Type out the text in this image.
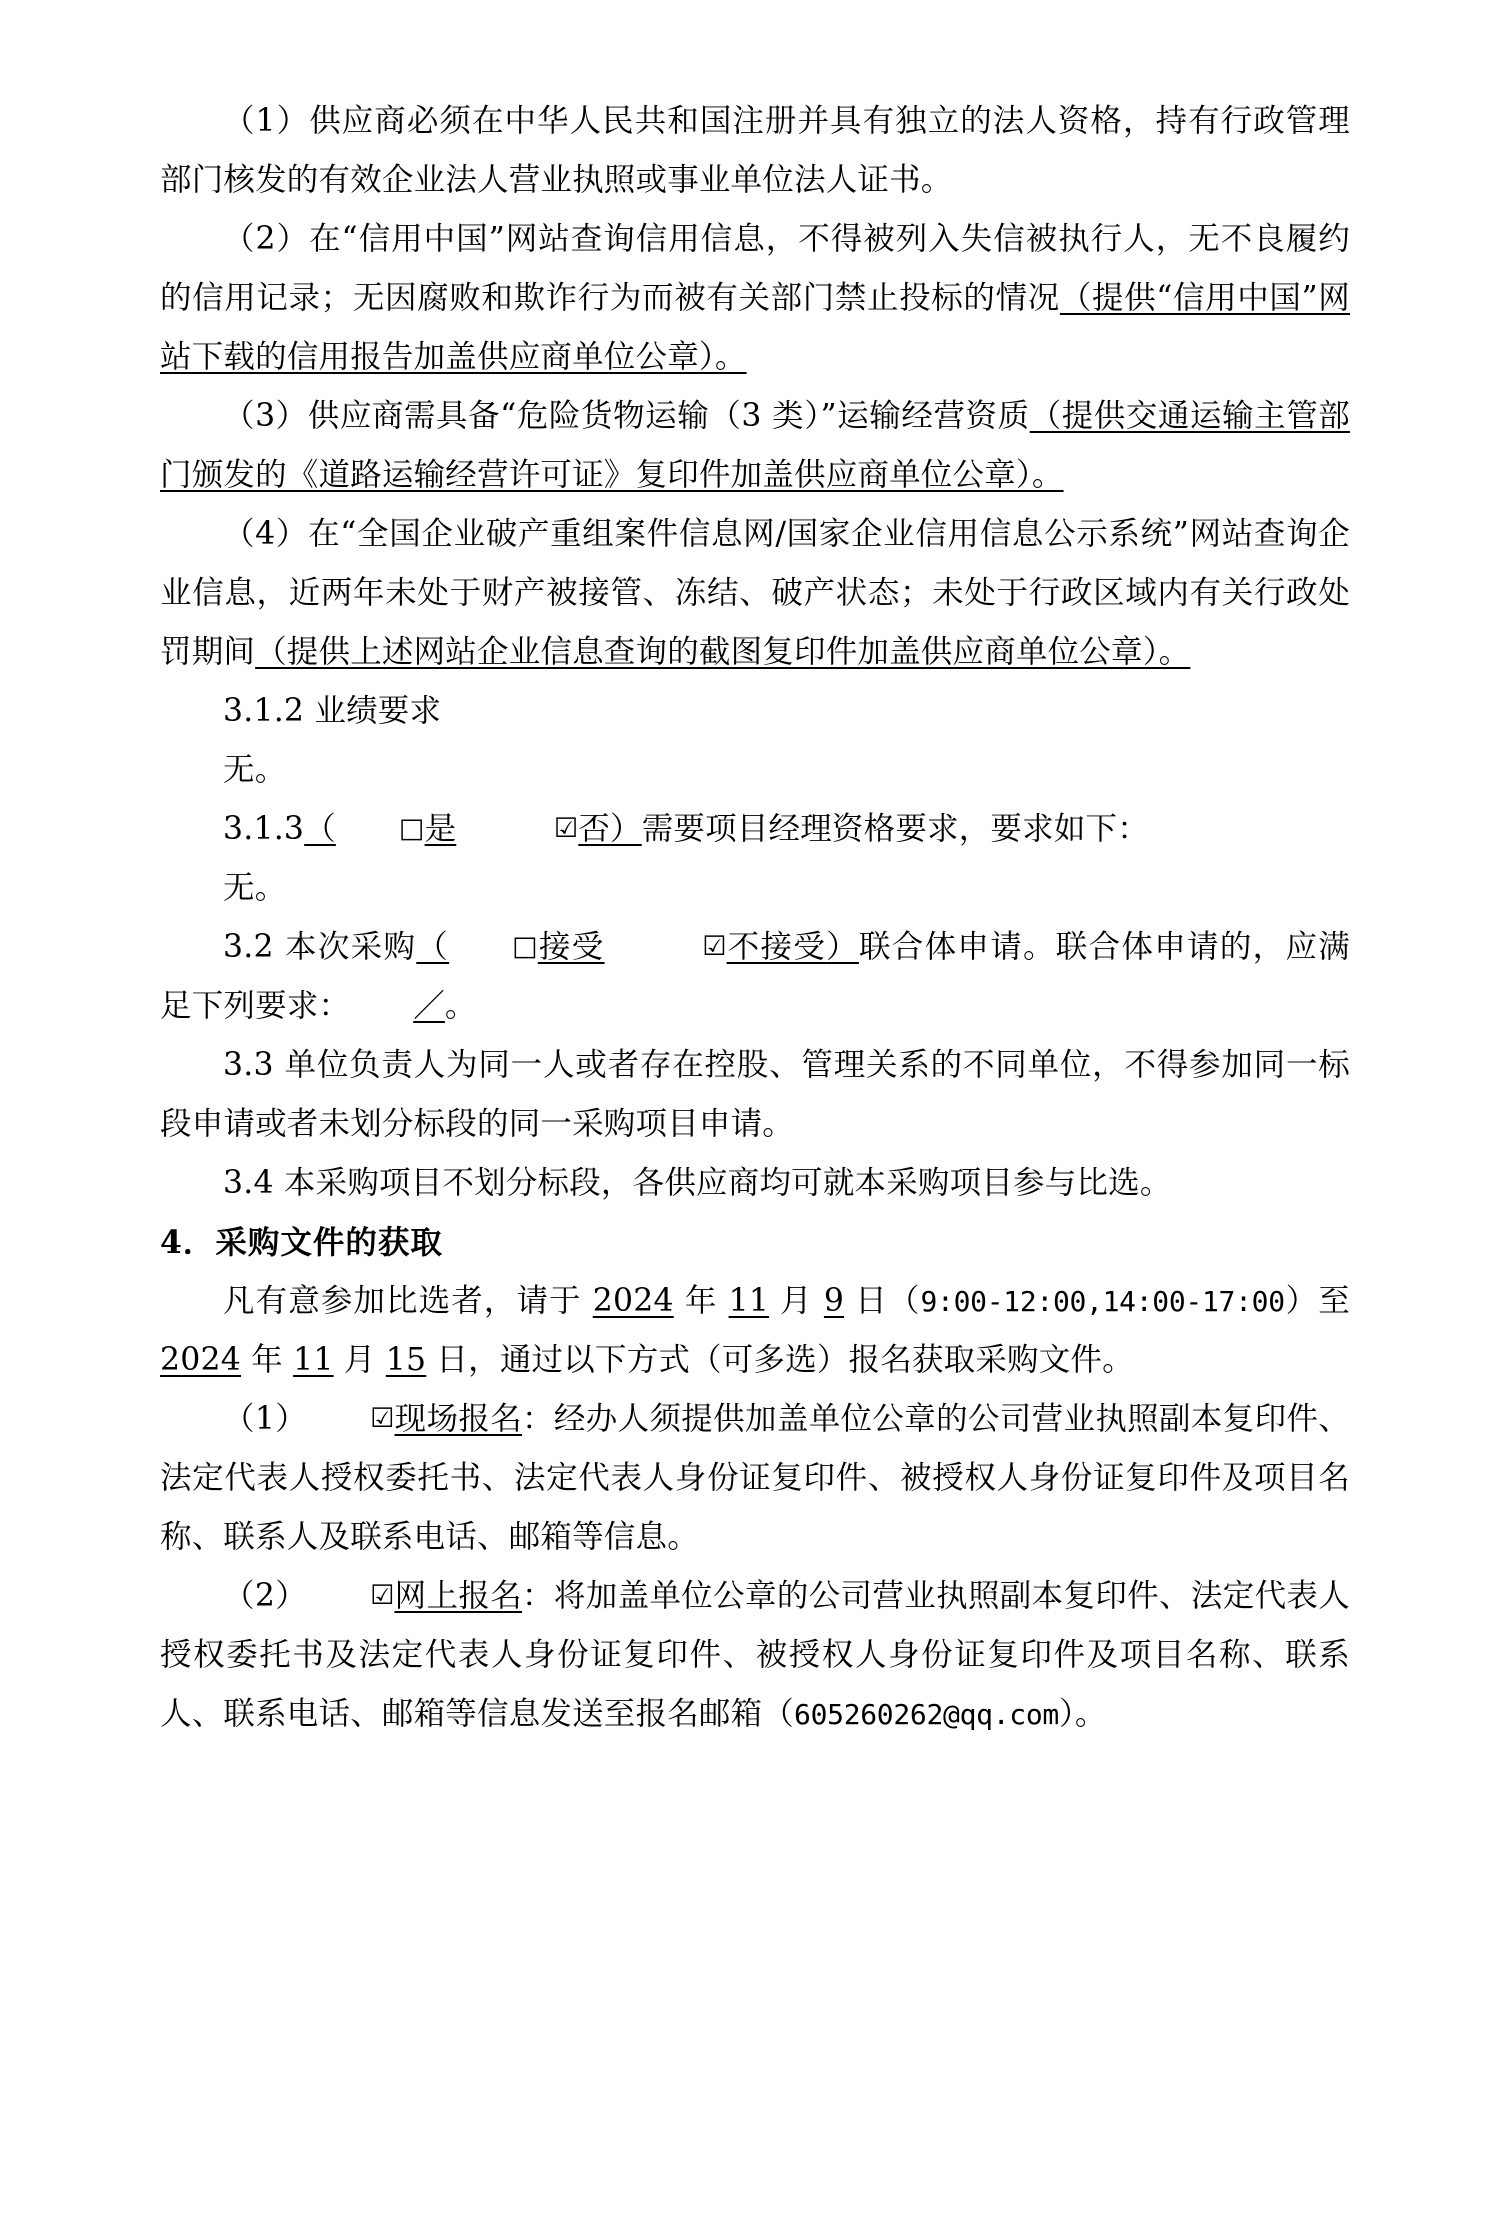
（1）供应商必须在中华人民共和国注册并具有独立的法人资格，持有行政管理部门核发的有效企业法人营业执照或事业单位法人证书。

（2）在“信用中国”网站查询信用信息，不得被列入失信被执行人，无不良履约的信用记录；无因腐败和欺诈行为而被有关部门禁止投标的情况（提供“信用中国”网站下载的信用报告加盖供应商单位公章）。

（3）供应商需具备“危险货物运输（3 类）”运输经营资质（提供交通运输主管部门颁发的《道路运输经营许可证》复印件加盖供应商单位公章）。

（4）在“全国企业破产重组案件信息网/国家企业信用信息公示系统”网站查询企业信息，近两年未处于财产被接管、冻结、破产状态；未处于行政区域内有关行政处罚期间（提供上述网站企业信息查询的截图复印件加盖供应商单位公章）。

3.1.2 业绩要求

无。

3.1.3（ □是	☑否）需要项目经理资格要求，要求如下：

无。

3.2 本次采购（ □接受	☑不接受）联合体申请。联合体申请的，应满足下列要求： ／。

3.3 单位负责人为同一人或者存在控股、管理关系的不同单位，不得参加同一标段申请或者未划分标段的同一采购项目申请。

3.4 本采购项目不划分标段，各供应商均可就本采购项目参与比选。

4．采购文件的获取

凡有意参加比选者，请于 2024 年 11 月 9 日（9:00-12:00,14:00-17:00）至 2024 年 11 月 15 日，通过以下方式（可多选）报名获取采购文件。

（1） ☑现场报名：经办人须提供加盖单位公章的公司营业执照副本复印件、法定代表人授权委托书、法定代表人身份证复印件、被授权人身份证复印件及项目名称、联系人及联系电话、邮箱等信息。

（2） ☑网上报名：将加盖单位公章的公司营业执照副本复印件、法定代表人授权委托书及法定代表人身份证复印件、被授权人身份证复印件及项目名称、联系人、联系电话、邮箱等信息发送至报名邮箱（605260262@qq.com）。
